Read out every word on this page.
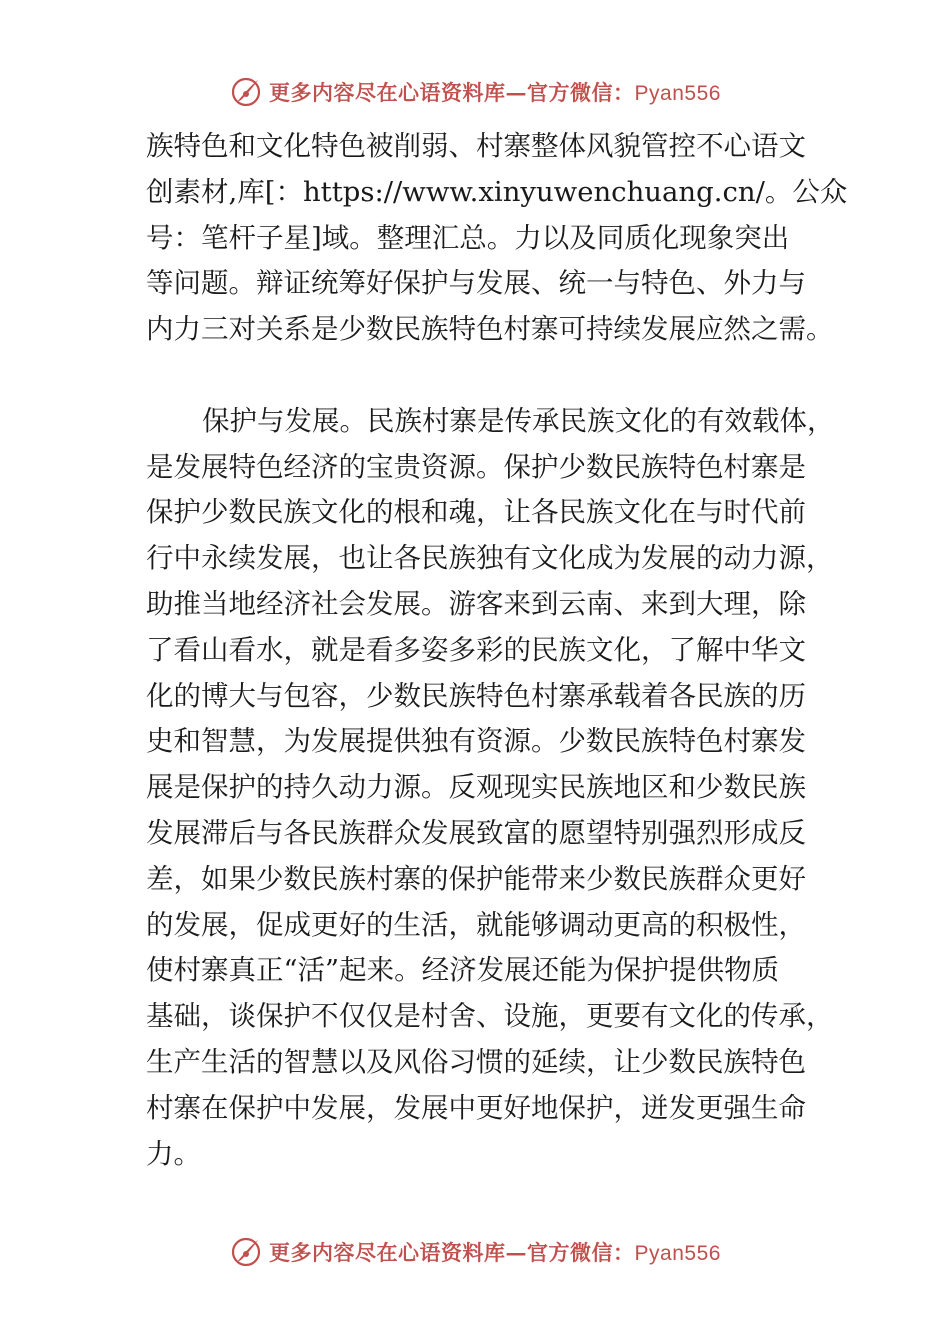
更多内容尽在心语资料库—官方微信：Pyan556
族特色和文化特色被削弱、村寨整体风貌管控不心语文
创素材,库[：https://www.xinyuwenchuang.cn/。公众
号：笔杆子星]域。整理汇总。力以及同质化现象突出
等问题。辩证统筹好保护与发展、统一与特色、外力与
内力三对关系是少数民族特色村寨可持续发展应然之需。
保护与发展。民族村寨是传承民族文化的有效载体，
是发展特色经济的宝贵资源。保护少数民族特色村寨是
保护少数民族文化的根和魂，让各民族文化在与时代前
行中永续发展，也让各民族独有文化成为发展的动力源，
助推当地经济社会发展。游客来到云南、来到大理，除
了看山看水，就是看多姿多彩的民族文化，了解中华文
化的博大与包容，少数民族特色村寨承载着各民族的历
史和智慧，为发展提供独有资源。少数民族特色村寨发
展是保护的持久动力源。反观现实民族地区和少数民族
发展滞后与各民族群众发展致富的愿望特别强烈形成反
差，如果少数民族村寨的保护能带来少数民族群众更好
的发展，促成更好的生活，就能够调动更高的积极性，
使村寨真正“活”起来。经济发展还能为保护提供物质
基础，谈保护不仅仅是村舍、设施，更要有文化的传承，
生产生活的智慧以及风俗习惯的延续，让少数民族特色
村寨在保护中发展，发展中更好地保护，迸发更强生命
力。
更多内容尽在心语资料库—官方微信：Pyan556
